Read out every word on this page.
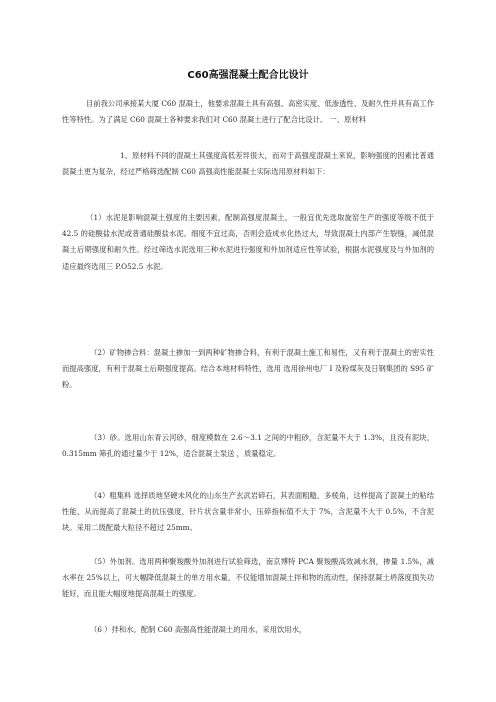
C60高强混凝土配合比设计
目前我公司承接某大厦 C60 混凝土，他要求混凝土具有高强、高密实度、低渗透性、及耐久性并具有高工作性等特性。为了满足 C60 混凝土各种要求我们对 C60 混凝土进行了配合比设计。 一、原材料
1、原材料不同的混凝土其强度高低差异很大，而对于高强度混凝土来说，影响强度的因素比普通混凝土更为复杂，经过严格筛选配制 C60 高强高性能混凝土实际选用原材料如下：
（1）水泥是影响混凝土强度的主要因素。配制高强度混凝土，一般宜优先选取旋窑生产的强度等级不低于 42.5 的硅酸盐水泥或普通硅酸盐水泥。细度不宜过高，否则会造成水化热过大，导致混凝土内部产生裂缝，减低混凝土后期强度和耐久性。经过筛选水泥选用三种水泥进行强度和外加剂适应性等试验，根据水泥强度及与外加剂的适应最终选用三 P.O52.5 水泥。
（2）矿物掺合料：混凝土掺加一到两种矿物掺合料，有利于混凝土施工和易性，又有利于混凝土的密实性而提高强度，有利于混凝土后期强度提高。结合本地材料特性，选用 选用徐州电厂 I 及粉煤灰及日钢集团的 S95 矿粉。
（3）砂。选用山东青云河砂，细度模数在 2.6～3.1 之间的中粗砂，含泥量不大于 1.3%，且没有泥块，0.315mm 筛孔的通过量少于 12%，适合混凝土泵送 ，质量稳定。
（4）粗集料 选择质地坚硬未风化的山东生产玄武岩碎石，其表面粗糙、多棱角，这样提高了混凝土的粘结性能，从而提高了混凝土的抗压强度，针片状含量非常小，压碎指标值不大于 7%，含泥量不大于 0.5%，不含泥块。采用二级配最大粒径不超过 25mm。
（5）外加剂。选用两种聚羧酸外加剂进行试验筛选，南京博特 PCA 聚羧酸高效减水剂，掺量 1.5%，减水率在 25%以上，可大幅降低混凝土的单方用水量，不仅能增加混凝土拌和物的流动性，保持混凝土坍落度损失功能好，而且能大幅度地提高混凝土的强度。
（6 ）拌和水。配制 C60 高强高性能混凝土的用水，采用饮用水，
